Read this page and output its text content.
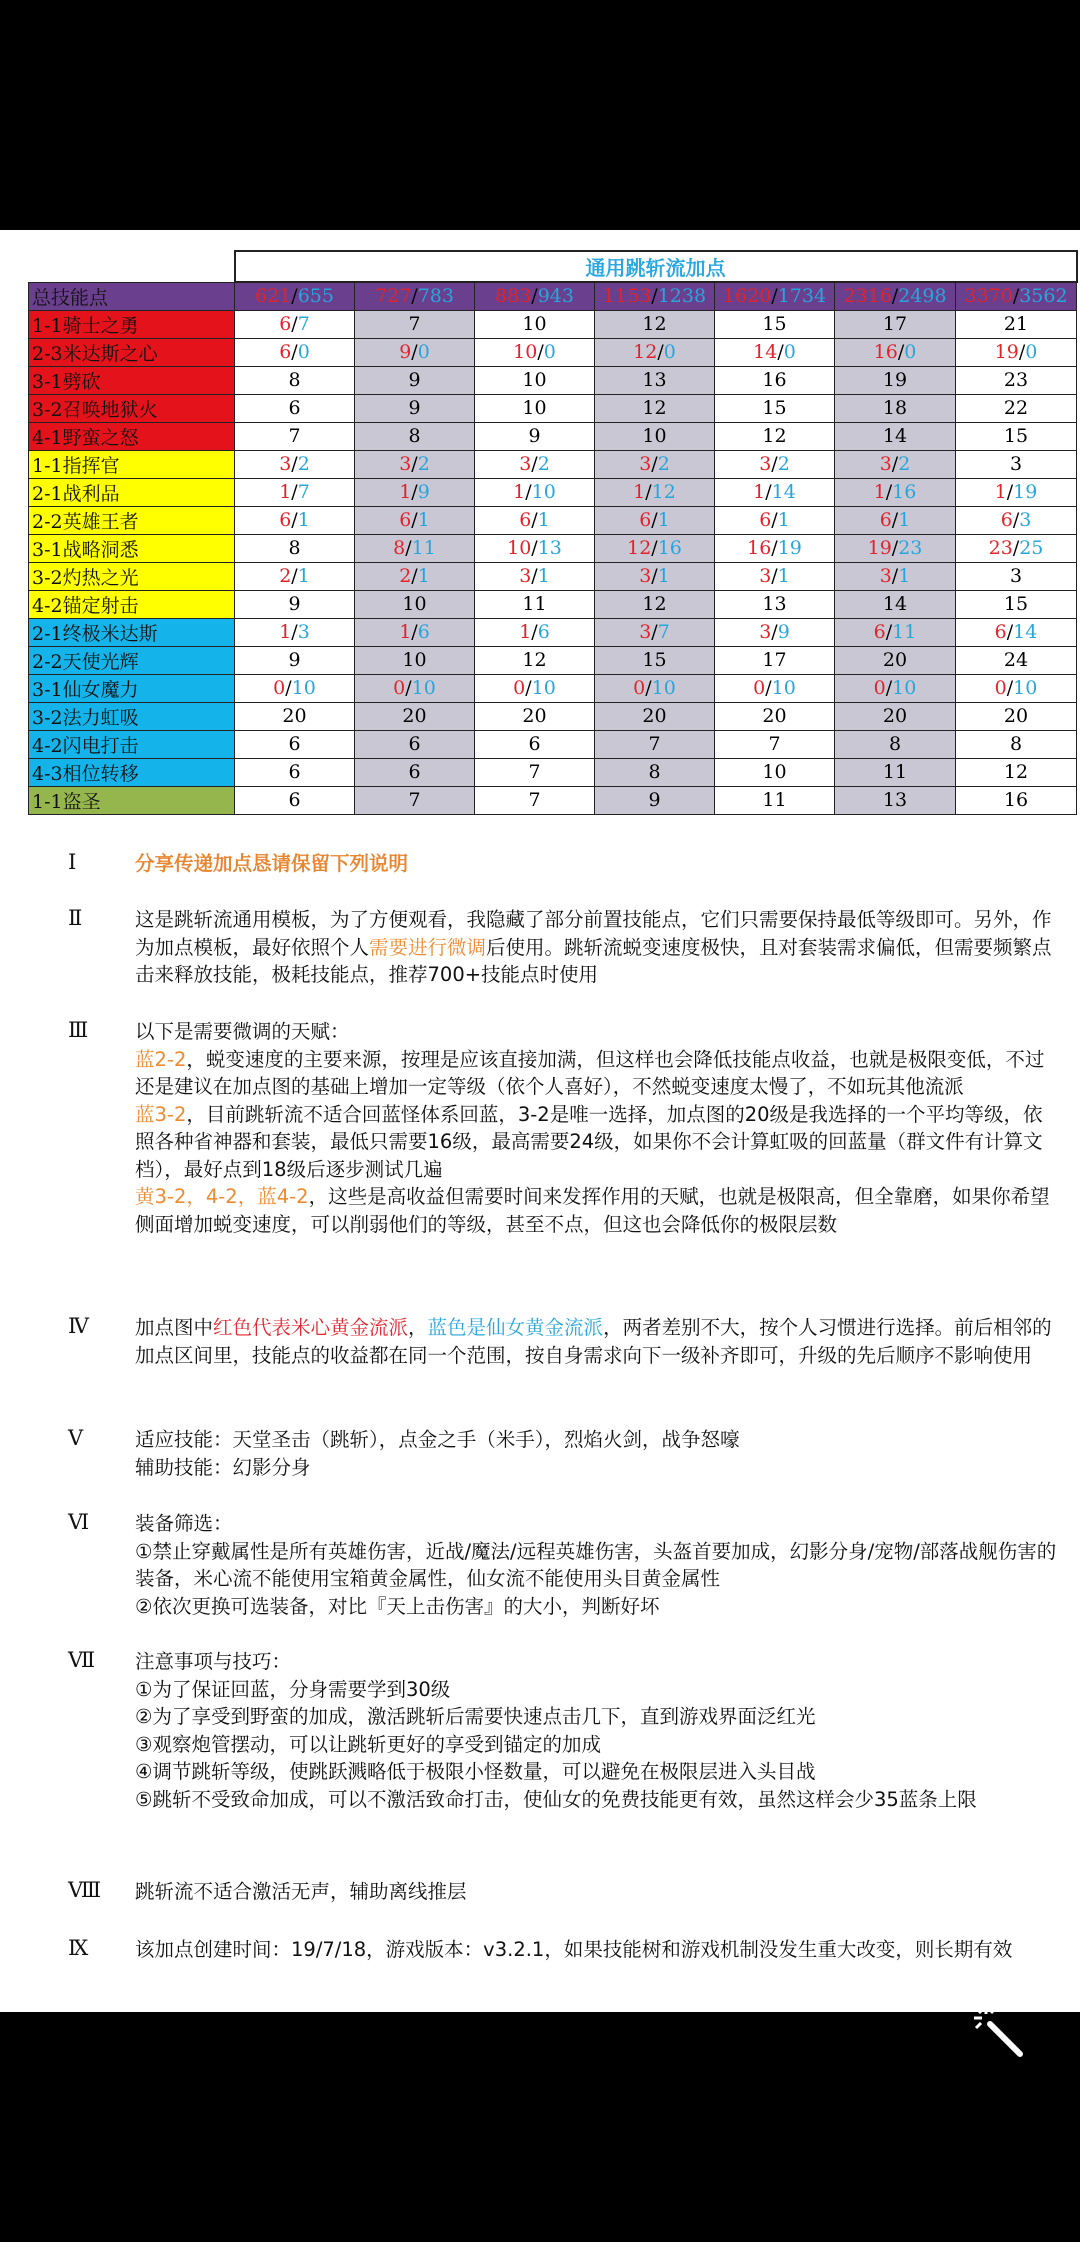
	通用跳斩流加点						
总技能点	621/655	727/783	883/943	1153/1238	1620/1734	2316/2498	3370/3562
1-1骑士之勇	6/7	7	10	12	15	17	21
2-3米达斯之心	6/0	9/0	10/0	12/0	14/0	16/0	19/0
3-1劈砍	8	9	10	13	16	19	23
3-2召唤地狱火	6	9	10	12	15	18	22
4-1野蛮之怒	7	8	9	10	12	14	15
1-1指挥官	3/2	3/2	3/2	3/2	3/2	3/2	3
2-1战利品	1/7	1/9	1/10	1/12	1/14	1/16	1/19
2-2英雄王者	6/1	6/1	6/1	6/1	6/1	6/1	6/3
3-1战略洞悉	8	8/11	10/13	12/16	16/19	19/23	23/25
3-2灼热之光	2/1	2/1	3/1	3/1	3/1	3/1	3
4-2锚定射击	9	10	11	12	13	14	15
2-1终极米达斯	1/3	1/6	1/6	3/7	3/9	6/11	6/14
2-2天使光辉	9	10	12	15	17	20	24
3-1仙女魔力	0/10	0/10	0/10	0/10	0/10	0/10	0/10
3-2法力虹吸	20	20	20	20	20	20	20
4-2闪电打击	6	6	6	7	7	8	8
4-3相位转移	6	6	7	8	10	11	12
1-1盗圣	6	7	7	9	11	13	16
Ⅰ	分享传递加点恳请保留下列说明
Ⅱ	这是跳斩流通用模板，为了方便观看，我隐藏了部分前置技能点，它们只需要保持最低等级即可。另外，作为加点模板，最好依照个人需要进行微调后使用。跳斩流蜕变速度极快，且对套装需求偏低，但需要频繁点击来释放技能，极耗技能点，推荐700+技能点时使用
Ⅲ 以下是需要微调的天赋：
蓝2-2，蜕变速度的主要来源，按理是应该直接加满，但这样也会降低技能点收益，也就是极限变低，不过还是建议在加点图的基础上增加一定等级（依个人喜好），不然蜕变速度太慢了，不如玩其他流派
蓝3-2，目前跳斩流不适合回蓝怪体系回蓝，3-2是唯一选择，加点图的20级是我选择的一个平均等级，依照各种省神器和套装，最低只需要16级，最高需要24级，如果你不会计算虹吸的回蓝量（群文件有计算文档），最好点到18级后逐步测试几遍
黄3-2，4-2，蓝4-2，这些是高收益但需要时间来发挥作用的天赋，也就是极限高，但全靠磨，如果你希望侧面增加蜕变速度，可以削弱他们的等级，甚至不点，但这也会降低你的极限层数
Ⅳ 加点图中红色代表米心黄金流派，蓝色是仙女黄金流派，两者差别不大，按个人习惯进行选择。前后相邻的加点区间里，技能点的收益都在同一个范围，按自身需求向下一级补齐即可，升级的先后顺序不影响使用
Ⅴ	适应技能：天堂圣击（跳斩），点金之手（米手），烈焰火剑，战争怒嚎
辅助技能：幻影分身
Ⅵ 装备筛选：
①禁止穿戴属性是所有英雄伤害，近战/魔法/远程英雄伤害，头盔首要加成，幻影分身/宠物/部落战舰伤害的装备，米心流不能使用宝箱黄金属性，仙女流不能使用头目黄金属性
②依次更换可选装备，对比『天上击伤害』的大小，判断好坏
Ⅶ 注意事项与技巧：
①为了保证回蓝，分身需要学到30级
②为了享受到野蛮的加成，激活跳斩后需要快速点击几下，直到游戏界面泛红光
③观察炮管摆动，可以让跳斩更好的享受到锚定的加成
④调节跳斩等级，使跳跃溅略低于极限小怪数量，可以避免在极限层进入头目战
⑤跳斩不受致命加成，可以不激活致命打击，使仙女的免费技能更有效，虽然这样会少35蓝条上限
Ⅷ 跳斩流不适合激活无声，辅助离线推层
Ⅸ 该加点创建时间：19/7/18，游戏版本：v3.2.1，如果技能树和游戏机制没发生重大改变，则长期有效
